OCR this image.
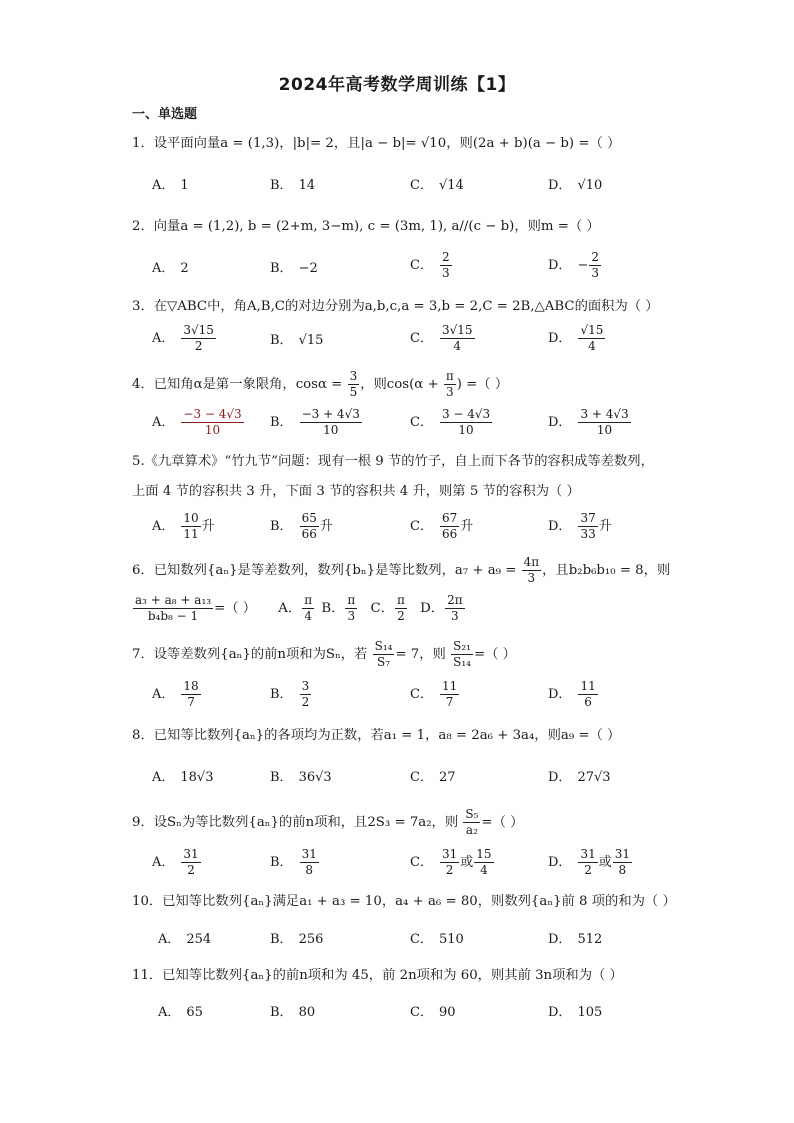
2024年高考数学周训练【1】
一、单选题
1．设平面向量a = (1,3)，|b|= 2，且|a − b|= √10，则(2a + b)(a − b) =（ ）
A． 1	B． 14	C． √14	D． √10
2．向量a = (1,2), b = (2+m, 3−m), c = (3m, 1), a//(c − b)，则m =（ ）
A． 2	B． −2	C． $\frac{2}{3}$	D． − $\frac{2}{3}$
3．在▽ABC中，角A,B,C的对边分别为a,b,c,a = 3,b = 2,C = 2B,△ABC的面积为（ ）
A． $\frac{3√15}{2}$	B． √15	C． $\frac{3√15}{4}$	D． $\frac{√15}{4}$
4．已知角α是第一象限角，$\cos\alpha = \frac{3}{5}$ ，则$\cos(\alpha + \frac{\pi}{3}$ ) =（ ）
A． $\frac{-3 - 4√3}{10}$ B． $\frac{-3 + 4√3}{10}$	C． $\frac{3 - 4√3}{10}$	D． $\frac{3 + 4√3}{10}$
5.《九章算术》“竹九节”问题：现有一根 9 节的竹子，自上而下各节的容积成等差数列，
上面 4 节的容积共 3 升，下面 3 节的容积共 4 升，则第 5 节的容积为（ ）
A． $\frac{10}{11}$ 升	B． $\frac{65}{66}$ 升	C． $\frac{67}{66}$ 升	D． $\frac{37}{33}$ 升
6．已知数列{aₙ}是等差数列，数列{bₙ}是等比数列，$a_7 + a_9 = \frac{4\pi}{3}$ ，且b₂b₆b₁₀ = 8，则
$\frac{\text{a₃ + a₈ + a₁₃}}{\text{b₄b₈ − 1}}$ =（ ） A． $\frac{\pi}{4}$ B． $\frac{\pi}{3}$ C． $\frac{\pi}{2}$ D． $\frac{2\pi}{3}$
7．设等差数列{aₙ}的前n项和为Sₙ，若 $\frac{\text{S₁₄}}{\text{S₇}} = 7$，则 $\frac{\text{S₂₁}}{\text{S₁₄}}$ =（ ）
A． $\frac{18}{7}$	B． $\frac{3}{2}$	C． $\frac{11}{7}$	D． $\frac{11}{6}$
8．已知等比数列{aₙ}的各项均为正数，若a₁ = 1，a₈ = 2a₆ + 3a₄，则a₉ =（ ）
A． 18√3	B． 36√3	C． 27	D． 27√3
9．设Sₙ为等比数列{aₙ}的前n项和，且2S₃ = 7a₂，则 $\frac{\text{S₅}}{\text{a₂}}$ =（ ）
A． $\frac{31}{2}$	B． $\frac{31}{8}$	C． $\frac{31}{2}$ 或 $\frac{15}{4}$	D． $\frac{31}{2}$ 或 $\frac{31}{8}$
10．已知等比数列{aₙ}满足a₁ + a₃ = 10，a₄ + a₆ = 80，则数列{aₙ}前 8 项的和为（ ）
A． 254	B． 256	C． 510	D． 512
11．已知等比数列{aₙ}的前n项和为 45，前 2n项和为 60，则其前 3n项和为（ ）
A． 65	B． 80	C． 90	D． 105
